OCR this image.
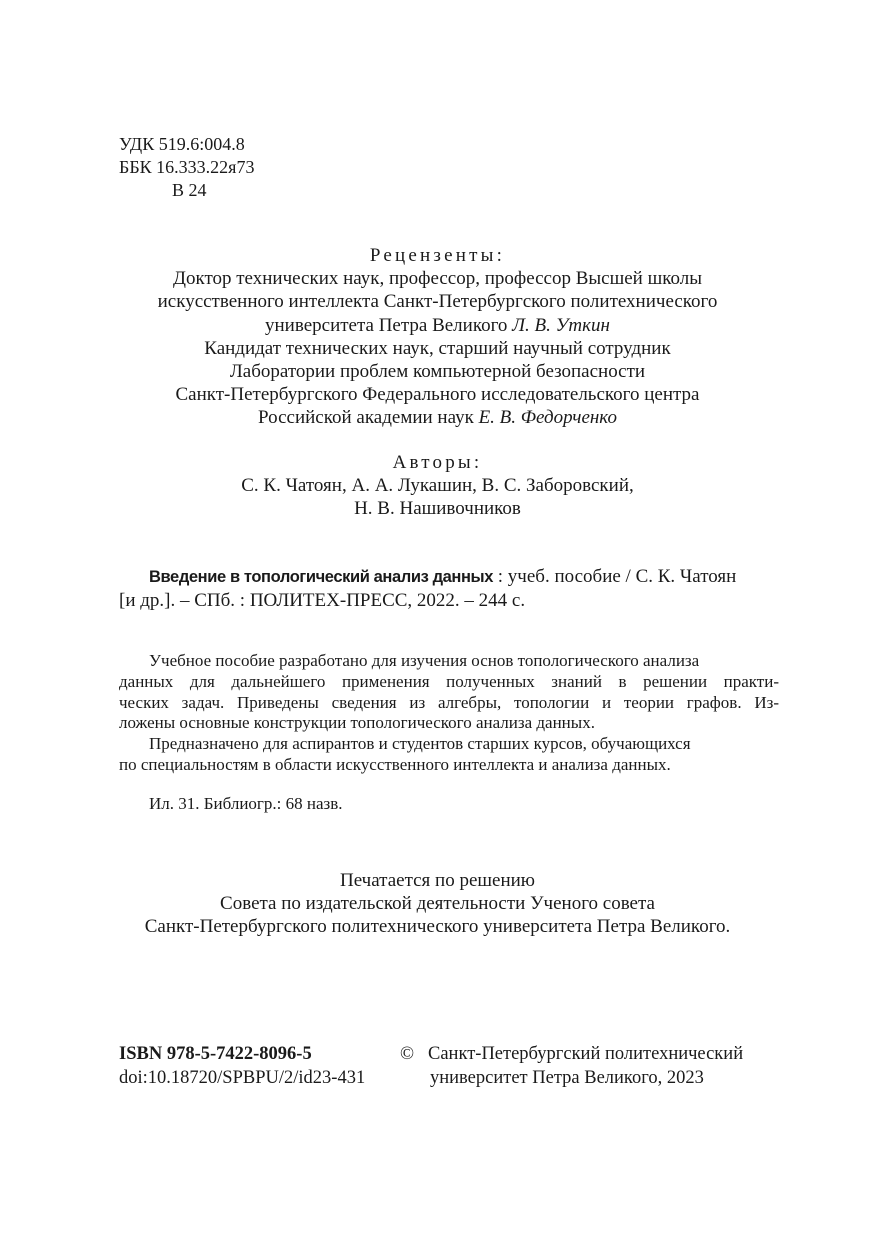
УДК 519.6:004.8
ББК 16.333.22я73
В 24
Рецензенты:
Доктор технических наук, профессор, профессор Высшей школы
искусственного интеллекта Санкт-Петербургского политехнического
университета Петра Великого Л. В. Уткин
Кандидат технических наук, старший научный сотрудник
Лаборатории проблем компьютерной безопасности
Санкт-Петербургского Федерального исследовательского центра
Российской академии наук Е. В. Федорченко
Авторы:
С. К. Чатоян, А. А. Лукашин, В. С. Заборовский,
Н. В. Нашивочников
Введение в топологический анализ данных : учеб. пособие / С. К. Чатоян
[и др.]. – СПб. : ПОЛИТЕХ-ПРЕСС, 2022. – 244 с.
Учебное пособие разработано для изучения основ топологического анализа
данных для дальнейшего применения полученных знаний в решении практи-
ческих задач. Приведены сведения из алгебры, топологии и теории графов. Из-
ложены основные конструкции топологического анализа данных.
Предназначено для аспирантов и студентов старших курсов, обучающихся
по специальностям в области искусственного интеллекта и анализа данных.
Ил. 31. Библиогр.: 68 назв.
Печатается по решению
Совета по издательской деятельности Ученого совета
Санкт-Петербургского политехнического университета Петра Великого.
ISBN 978-5-7422-8096-5
doi:10.18720/SPBPU/2/id23-431
© Санкт-Петербургский политехнический
университет Петра Великого, 2023
